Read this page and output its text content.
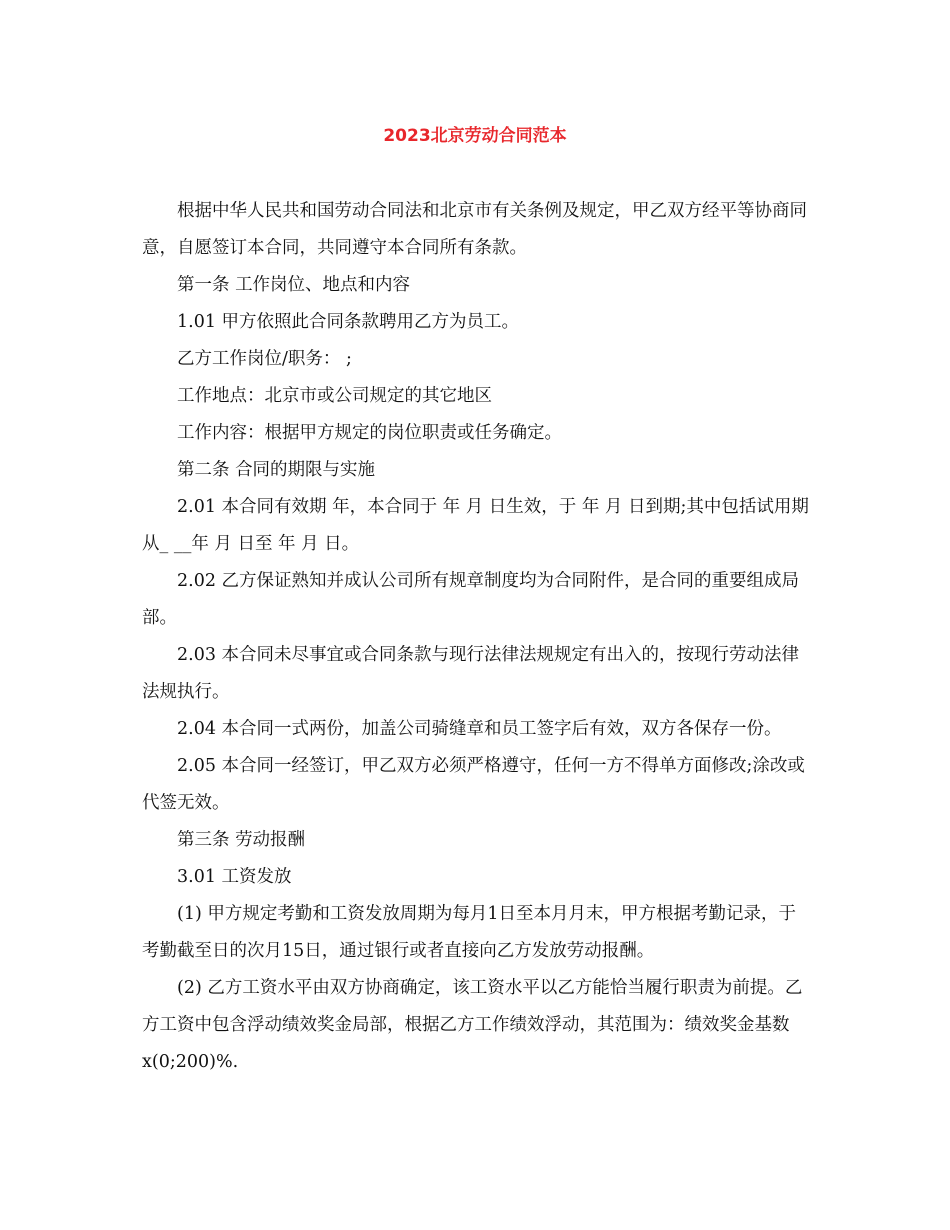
2023北京劳动合同范本

根据中华人民共和国劳动合同法和北京市有关条例及规定，甲乙双方经平等协商同意，自愿签订本合同，共同遵守本合同所有条款。

第一条 工作岗位、地点和内容

1.01 甲方依照此合同条款聘用乙方为员工。

乙方工作岗位/职务： ;

工作地点：北京市或公司规定的其它地区

工作内容：根据甲方规定的岗位职责或任务确定。

第二条 合同的期限与实施

2.01 本合同有效期 年，本合同于 年 月 日生效，于 年 月 日到期;其中包括试用期从_ __年 月 日至 年 月 日。

2.02 乙方保证熟知并成认公司所有规章制度均为合同附件，是合同的重要组成局部。

2.03 本合同未尽事宜或合同条款与现行法律法规规定有出入的，按现行劳动法律法规执行。

2.04 本合同一式两份，加盖公司骑缝章和员工签字后有效，双方各保存一份。

2.05 本合同一经签订，甲乙双方必须严格遵守，任何一方不得单方面修改;涂改或代签无效。

第三条 劳动报酬

3.01 工资发放

(1) 甲方规定考勤和工资发放周期为每月1日至本月月末，甲方根据考勤记录，于考勤截至日的次月15日，通过银行或者直接向乙方发放劳动报酬。

(2) 乙方工资水平由双方协商确定，该工资水平以乙方能恰当履行职责为前提。乙方工资中包含浮动绩效奖金局部，根据乙方工作绩效浮动，其范围为：绩效奖金基数x(0;200)%.
